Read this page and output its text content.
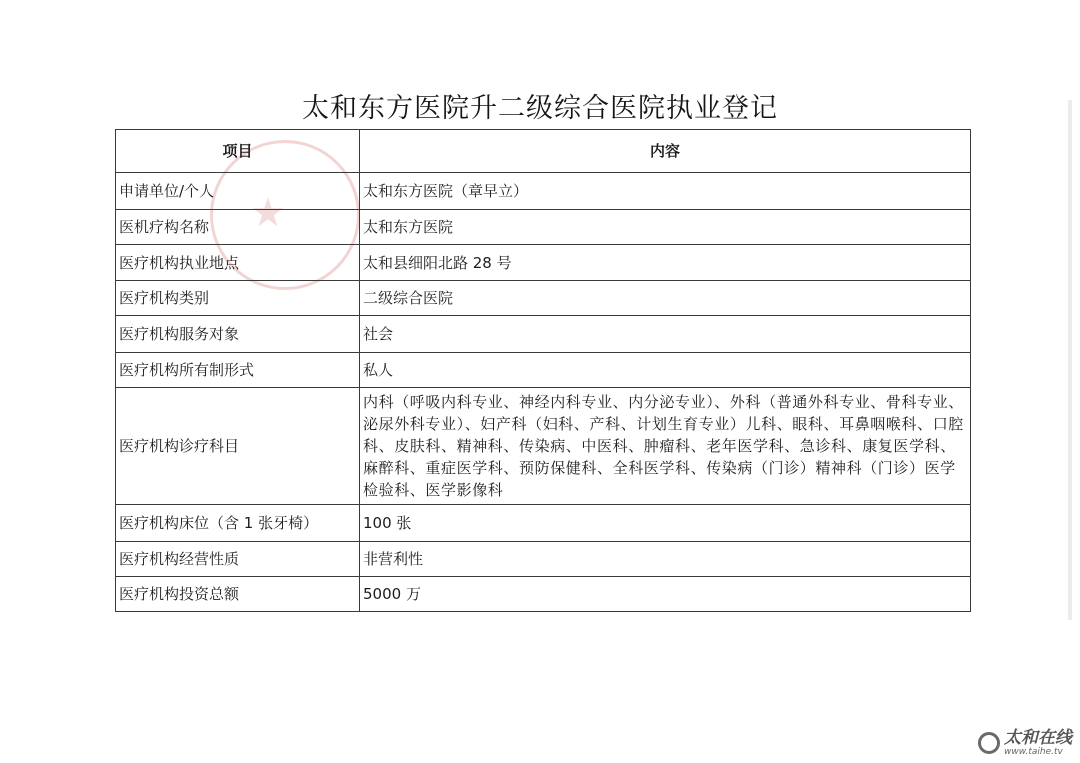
★
太和东方医院升二级综合医院执业登记
项目	内容
申请单位/个人	太和东方医院（章早立）
医机疗构名称	太和东方医院
医疗机构执业地点	太和县细阳北路 28 号
医疗机构类别	二级综合医院
医疗机构服务对象	社会
医疗机构所有制形式	私人
医疗机构诊疗科目	内科（呼吸内科专业、神经内科专业、内分泌专业）、外科（普通外科专业、骨科专业、泌尿外科专业）、妇产科（妇科、产科、计划生育专业）儿科、眼科、耳鼻咽喉科、口腔科、皮肤科、精神科、传染病、中医科、肿瘤科、老年医学科、急诊科、康复医学科、 麻醉科、重症医学科、预防保健科、全科医学科、传染病（门诊）精神科（门诊）医学检验科、医学影像科
医疗机构床位（含 1 张牙椅）	100 张
医疗机构经营性质	非营利性
医疗机构投资总额	5000 万
太和在线
www.taihe.tv
